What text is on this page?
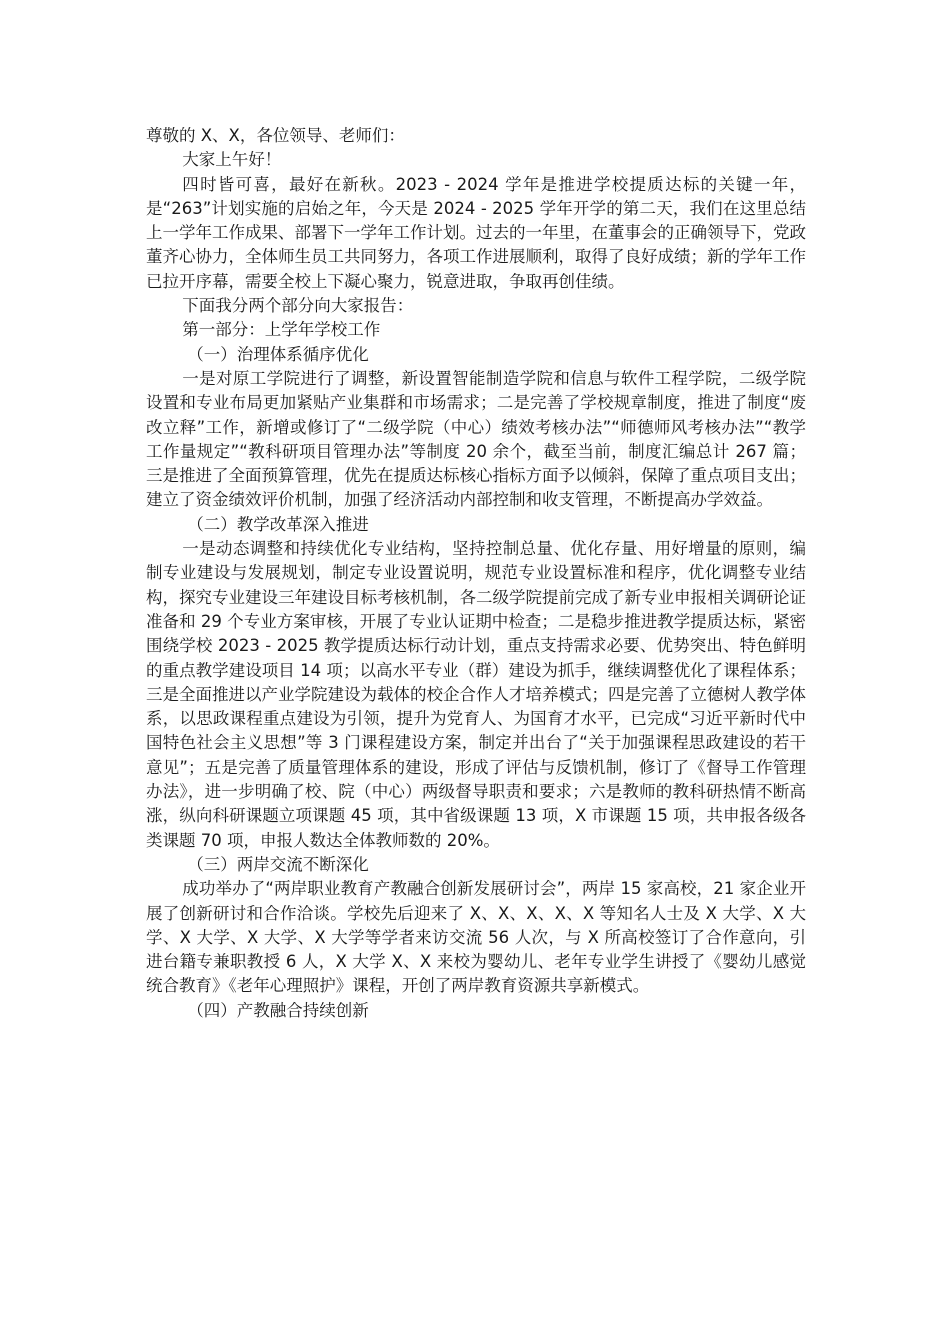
尊敬的 X、X，各位领导、老师们：

大家上午好！

四时皆可喜，最好在新秋。2023 - 2024 学年是推进学校提质达标的关键一年，是“263”计划实施的启始之年，今天是 2024 - 2025 学年开学的第二天，我们在这里总结上一学年工作成果、部署下一学年工作计划。过去的一年里，在董事会的正确领导下，党政董齐心协力，全体师生员工共同努力，各项工作进展顺利，取得了良好成绩；新的学年工作已拉开序幕，需要全校上下凝心聚力，锐意进取，争取再创佳绩。

下面我分两个部分向大家报告：

第一部分：上学年学校工作

（一）治理体系循序优化

一是对原工学院进行了调整，新设置智能制造学院和信息与软件工程学院，二级学院设置和专业布局更加紧贴产业集群和市场需求；二是完善了学校规章制度，推进了制度“废改立释”工作，新增或修订了“二级学院（中心）绩效考核办法”“师德师风考核办法”“教学工作量规定”“教科研项目管理办法”等制度 20 余个，截至当前，制度汇编总计 267 篇；三是推进了全面预算管理，优先在提质达标核心指标方面予以倾斜，保障了重点项目支出；建立了资金绩效评价机制，加强了经济活动内部控制和收支管理，不断提高办学效益。

（二）教学改革深入推进

一是动态调整和持续优化专业结构，坚持控制总量、优化存量、用好增量的原则，编制专业建设与发展规划，制定专业设置说明，规范专业设置标准和程序，优化调整专业结构，探究专业建设三年建设目标考核机制，各二级学院提前完成了新专业申报相关调研论证准备和 29 个专业方案审核，开展了专业认证期中检查；二是稳步推进教学提质达标，紧密围绕学校 2023 - 2025 教学提质达标行动计划，重点支持需求必要、优势突出、特色鲜明的重点教学建设项目 14 项；以高水平专业（群）建设为抓手，继续调整优化了课程体系；三是全面推进以产业学院建设为载体的校企合作人才培养模式；四是完善了立德树人教学体系，以思政课程重点建设为引领，提升为党育人、为国育才水平，已完成“习近平新时代中国特色社会主义思想”等 3 门课程建设方案，制定并出台了“关于加强课程思政建设的若干意见”；五是完善了质量管理体系的建设，形成了评估与反馈机制，修订了《督导工作管理办法》，进一步明确了校、院（中心）两级督导职责和要求；六是教师的教科研热情不断高涨，纵向科研课题立项课题 45 项，其中省级课题 13 项，X 市课题 15 项，共申报各级各类课题 70 项，申报人数达全体教师数的 20%。

（三）两岸交流不断深化

成功举办了“两岸职业教育产教融合创新发展研讨会”，两岸 15 家高校，21 家企业开展了创新研讨和合作洽谈。学校先后迎来了 X、X、X、X、X 等知名人士及 X 大学、X 大学、X 大学、X 大学、X 大学等学者来访交流 56 人次，与 X 所高校签订了合作意向，引进台籍专兼职教授 6 人，X 大学 X、X 来校为婴幼儿、老年专业学生讲授了《婴幼儿感觉统合教育》《老年心理照护》课程，开创了两岸教育资源共享新模式。

（四）产教融合持续创新
